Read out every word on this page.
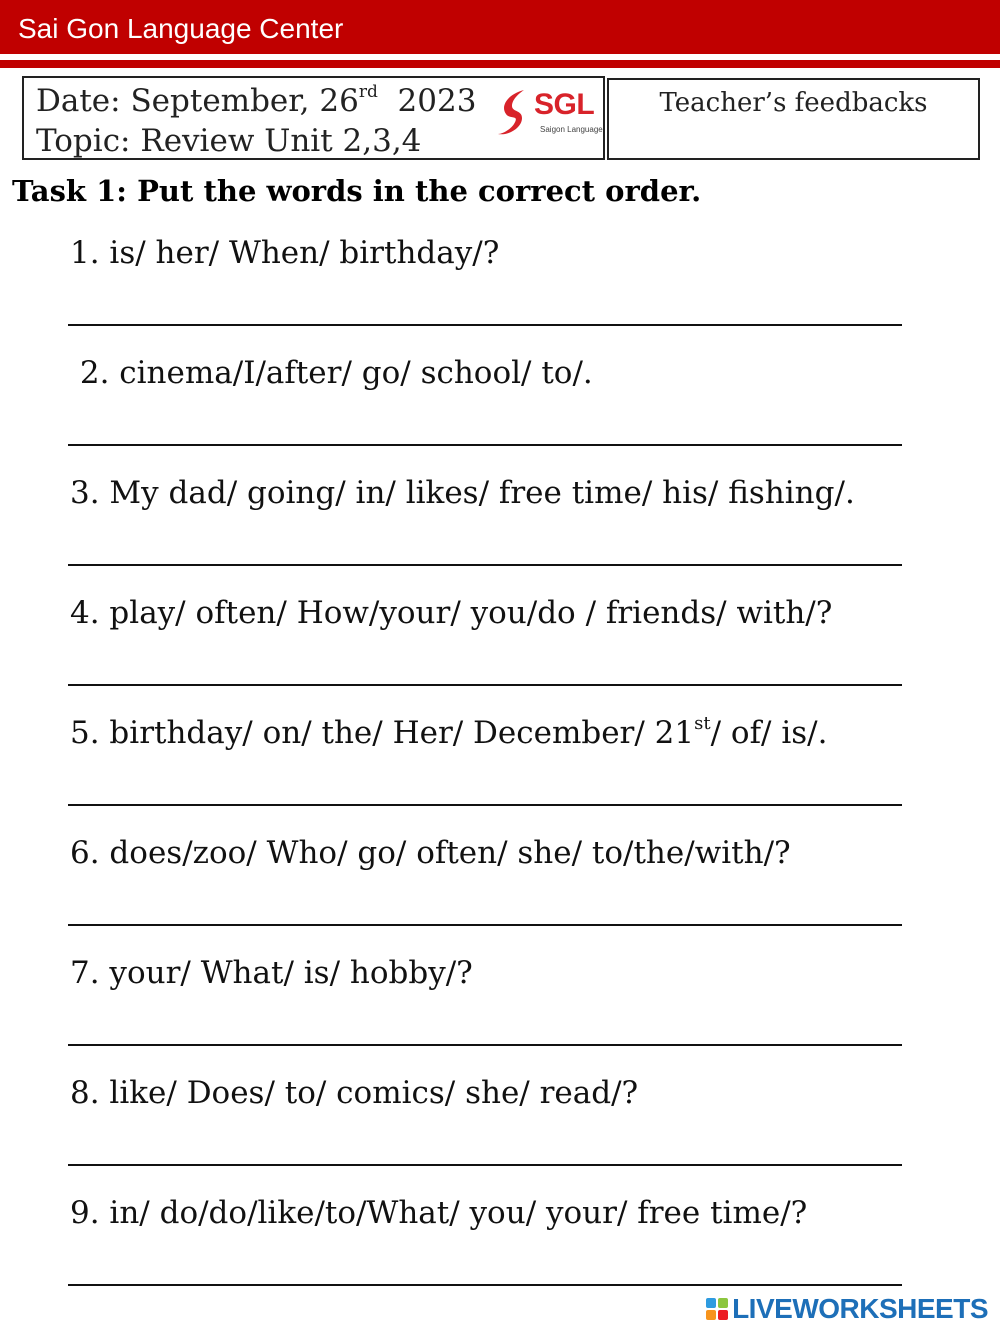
Sai Gon Language Center
Date: September, 26rd  2023
Topic: Review Unit 2,3,4
SGL
Saigon Language
Teacher’s feedbacks
Task 1: Put the words in the correct order.
1. is/ her/ When/ birthday/?
2. cinema/I/after/ go/ school/ to/.
3. My dad/ going/ in/ likes/ free time/ his/ fishing/.
4. play/ often/ How/your/ you/do / friends/ with/?
5. birthday/ on/ the/ Her/ December/ 21st/ of/ is/.
6. does/zoo/ Who/ go/ often/ she/ to/the/with/?
7. your/ What/ is/ hobby/?
8. like/ Does/ to/ comics/ she/ read/?
9. in/ do/do/like/to/What/ you/ your/ free time/?
LIVEWORKSHEETS
